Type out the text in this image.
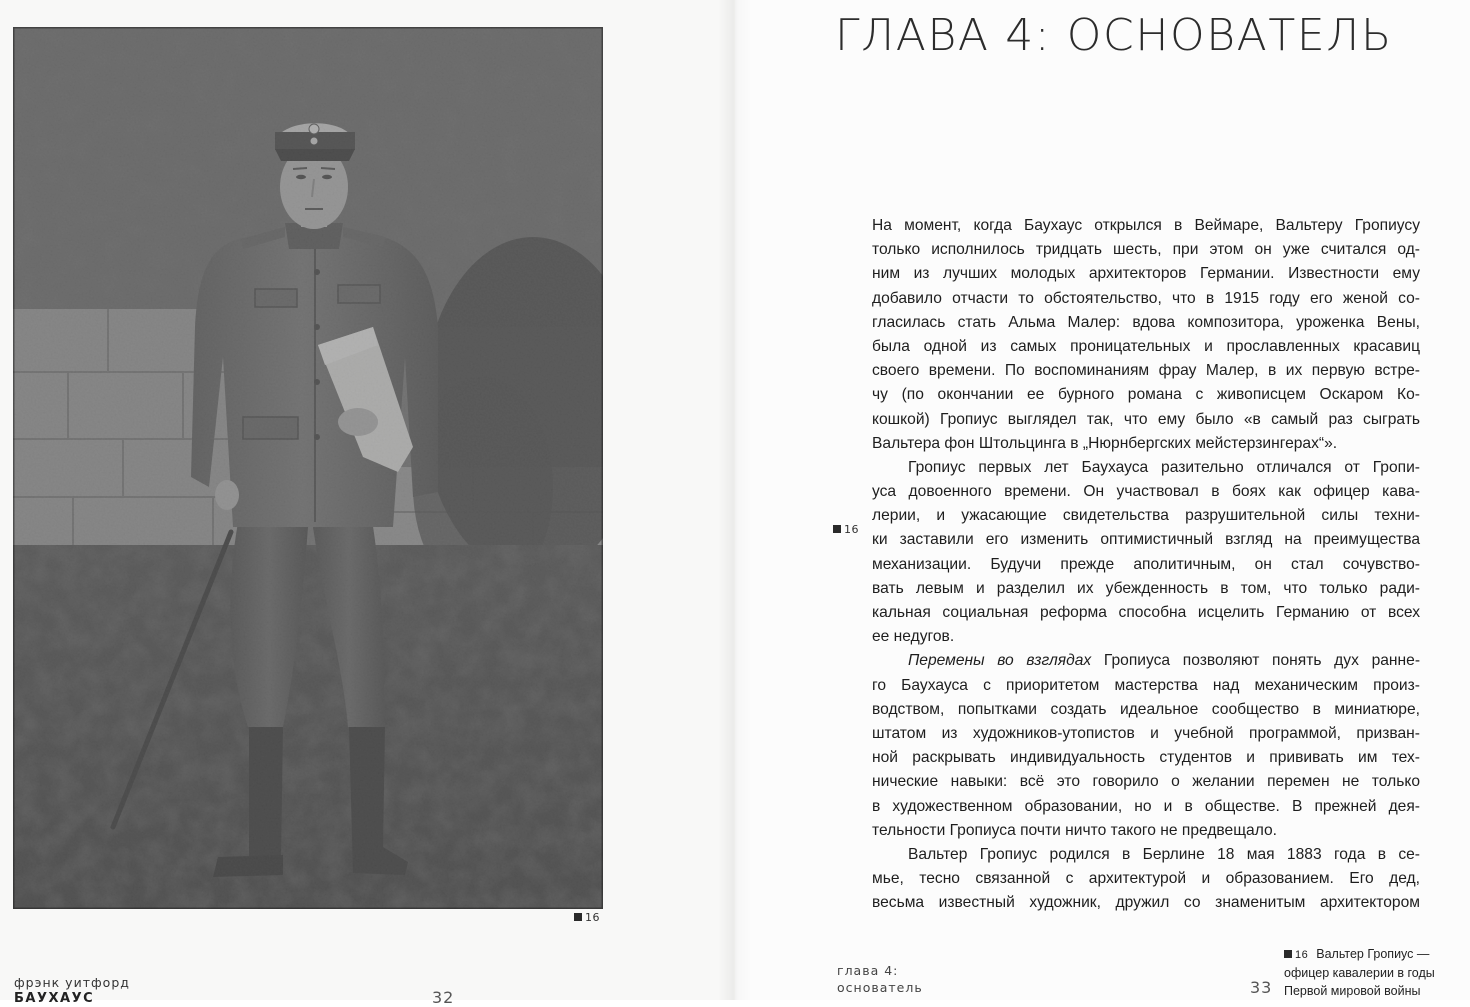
16
фрэнк уитфорд
БАУХАУС	32
ГЛАВА 4: ОСНОВАТЕЛЬ
16
На момент, когда Баухаус открылся в Веймаре, Вальтеру Гропиусу
только исполнилось тридцать шесть, при этом он уже считался од-
ним из лучших молодых архитекторов Германии. Известности ему
добавило отчасти то обстоятельство, что в 1915 году его женой со-
гласилась стать Альма Малер: вдова композитора, уроженка Вены,
была одной из самых проницательных и прославленных красавиц
своего времени. По воспоминаниям фрау Малер, в их первую встре-
чу (по окончании ее бурного романа с живописцем Оскаром Ко-
кошкой) Гропиус выглядел так, что ему было «в самый раз сыграть
Вальтера фон Штольцинга в „Нюрнбергских мейстерзингерах“».
Гропиус первых лет Баухауса разительно отличался от Гропи-
уса довоенного времени. Он участвовал в боях как офицер кава-
лерии, и ужасающие свидетельства разрушительной силы техни-
ки заставили его изменить оптимистичный взгляд на преимущества
механизации. Будучи прежде аполитичным, он стал сочувство-
вать левым и разделил их убежденность в том, что только ради-
кальная социальная реформа способна исцелить Германию от всех
ее недугов.
Перемены во взглядах Гропиуса позволяют понять дух ранне-
го Баухауса с приоритетом мастерства над механическим произ-
водством, попытками создать идеальное сообщество в миниатюре,
штатом из художников-утопистов и учебной программой, призван-
ной раскрывать индивидуальность студентов и прививать им тех-
нические навыки: всё это говорило о желании перемен не только
в художественном образовании, но и в обществе. В прежней дея-
тельности Гропиуса почти ничто такого не предвещало.
Вальтер Гропиус родился в Берлине 18 мая 1883 года в се-
мье, тесно связанной с архитектурой и образованием. Его дед,
весьма известный художник, дружил со знаменитым архитектором
глава 4:
основатель	33
16 Вальтер Гропиус —
офицер кавалерии в годы
Первой мировой войны
